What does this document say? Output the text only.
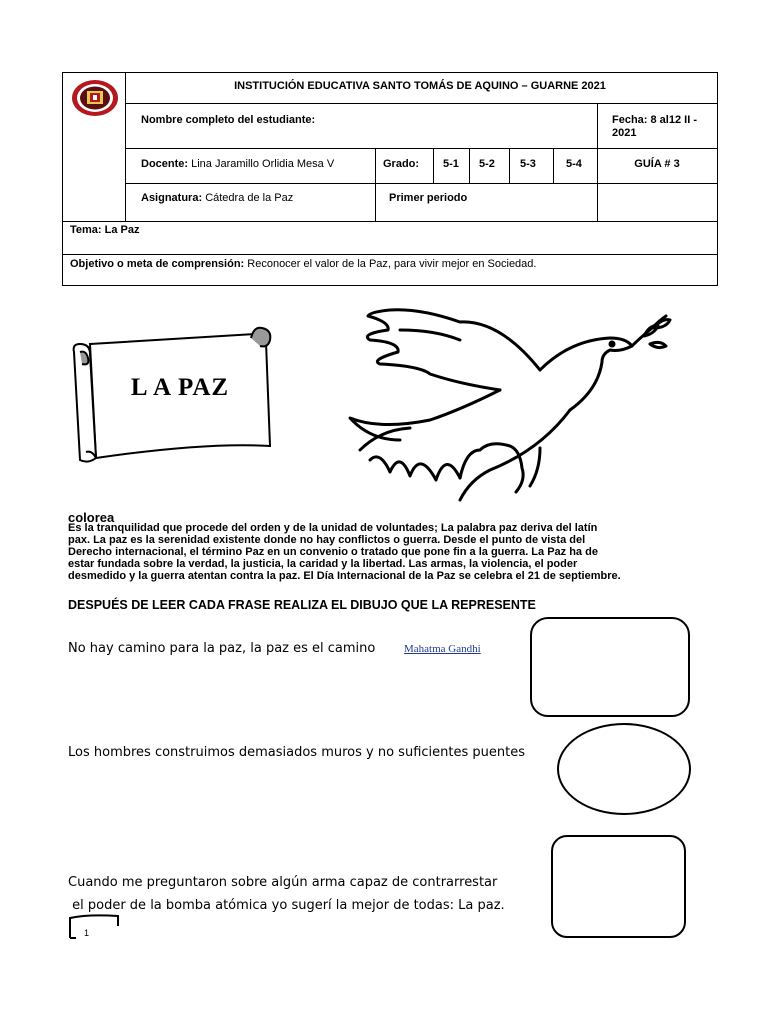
INSTITUCIÓN EDUCATIVA SANTO TOMÁS DE AQUINO – GUARNE 2021
Nombre completo del estudiante:	Fecha: 8 al12 II - 2021
Docente: Lina Jaramillo Orlidia Mesa V	Grado: 5-1 5-2 5-3	5-4	GUÍA # 3
Asignatura: Cátedra de la Paz	Primer periodo
Tema: La Paz
Objetivo o meta de comprensión: Reconocer el valor de la Paz, para vivir mejor en Sociedad.
L A PAZ
colorea
Es la tranquilidad que procede del orden y de la unidad de voluntades; La palabra paz deriva del latín
pax. La paz es la serenidad existente donde no hay conflictos o guerra. Desde el punto de vista del
Derecho internacional, el término Paz en un convenio o tratado que pone fin a la guerra. La Paz ha de
estar fundada sobre la verdad, la justicia, la caridad y la libertad. Las armas, la violencia, el poder
desmedido y la guerra atentan contra la paz. El Día Internacional de la Paz se celebra el 21 de septiembre.
DESPUÉS DE LEER CADA FRASE REALIZA EL DIBUJO QUE LA REPRESENTE
No hay camino para la paz, la paz es el camino	Mahatma Gandhi
Los hombres construimos demasiados muros y no suficientes puentes
Cuando me preguntaron sobre algún arma capaz de contrarrestar
el poder de la bomba atómica yo sugerí la mejor de todas: La paz.
1
